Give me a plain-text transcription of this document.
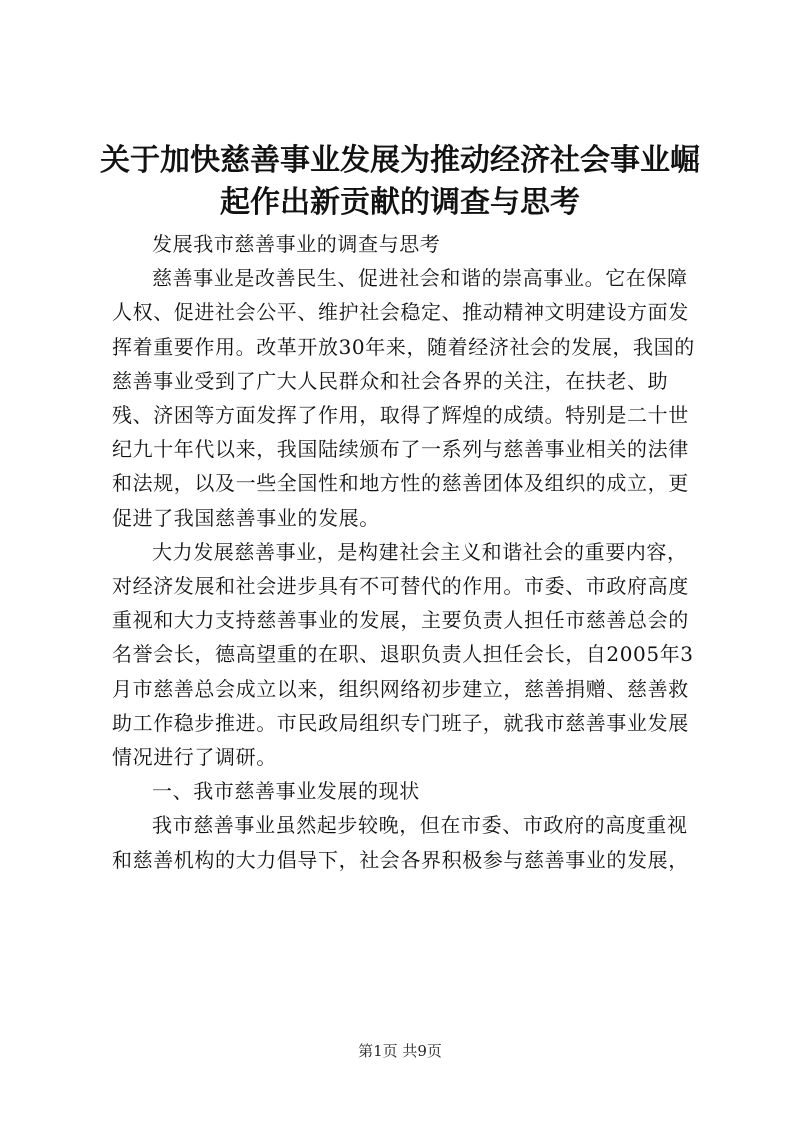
关于加快慈善事业发展为推动经济社会事业崛
起作出新贡献的调查与思考

发展我市慈善事业的调查与思考

慈善事业是改善民生、促进社会和谐的崇高事业。它在保障人权、促进社会公平、维护社会稳定、推动精神文明建设方面发挥着重要作用。改革开放30年来，随着经济社会的发展，我国的慈善事业受到了广大人民群众和社会各界的关注，在扶老、助残、济困等方面发挥了作用，取得了辉煌的成绩。特别是二十世纪九十年代以来，我国陆续颁布了一系列与慈善事业相关的法律和法规，以及一些全国性和地方性的慈善团体及组织的成立，更促进了我国慈善事业的发展。

大力发展慈善事业，是构建社会主义和谐社会的重要内容，对经济发展和社会进步具有不可替代的作用。市委、市政府高度重视和大力支持慈善事业的发展，主要负责人担任市慈善总会的名誉会长，德高望重的在职、退职负责人担任会长，自2005年3月市慈善总会成立以来，组织网络初步建立，慈善捐赠、慈善救助工作稳步推进。市民政局组织专门班子，就我市慈善事业发展情况进行了调研。

一、我市慈善事业发展的现状

我市慈善事业虽然起步较晚，但在市委、市政府的高度重视和慈善机构的大力倡导下，社会各界积极参与慈善事业的发展，

第1页 共9页
